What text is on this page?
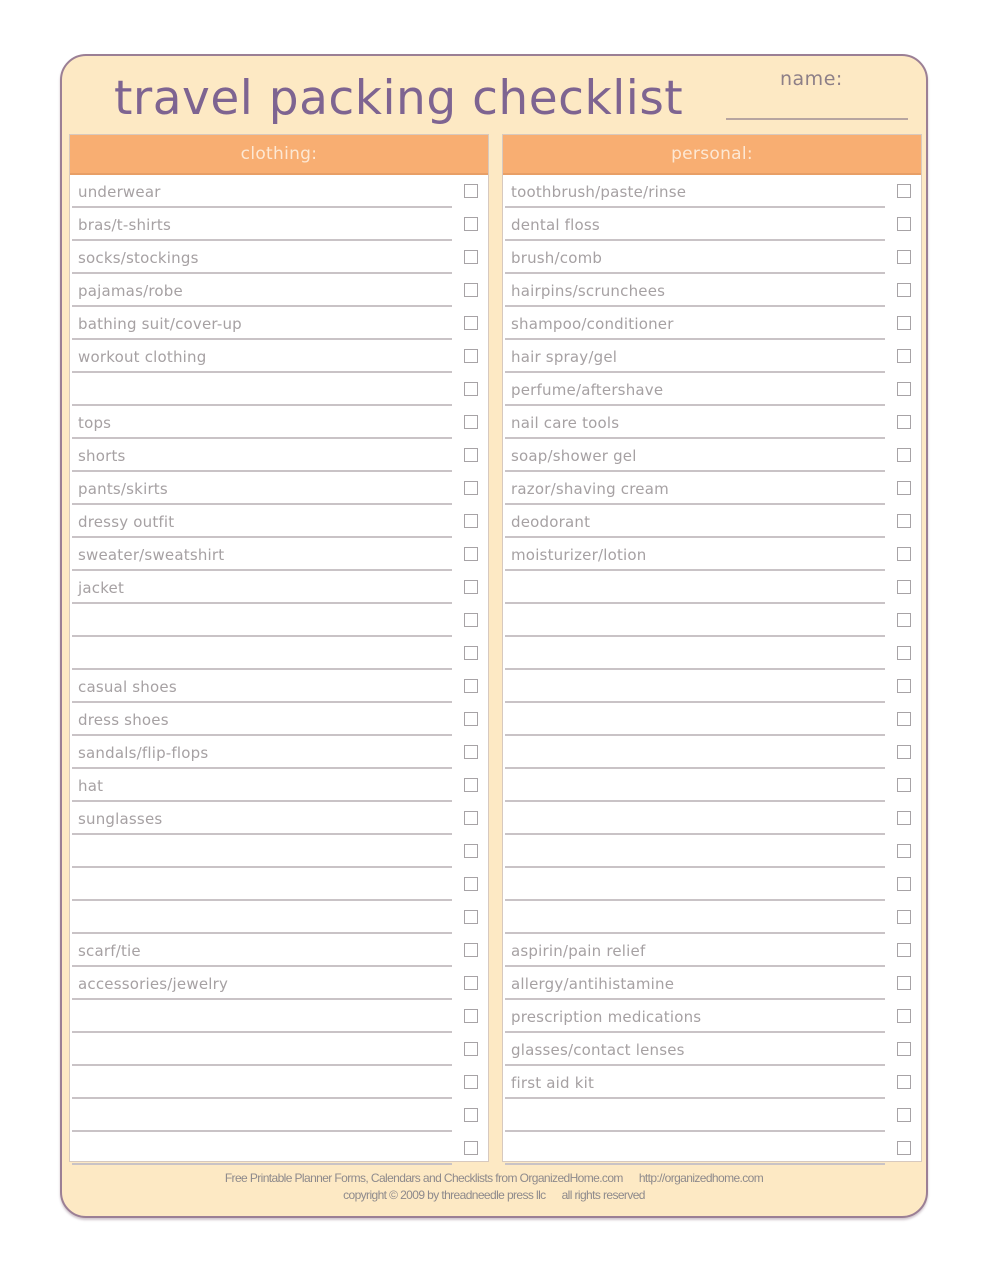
travel packing checklist	name:
clothing:
underwear
bras/t-shirts
socks/stockings
pajamas/robe
bathing suit/cover-up
workout clothing
tops
shorts
pants/skirts
dressy outfit
sweater/sweatshirt
jacket
casual shoes
dress shoes
sandals/flip-flops
hat
sunglasses
scarf/tie
accessories/jewelry
personal:
toothbrush/paste/rinse
dental floss
brush/comb
hairpins/scrunchees
shampoo/conditioner
hair spray/gel
perfume/aftershave
nail care tools
soap/shower gel
razor/shaving cream
deodorant
moisturizer/lotion
aspirin/pain relief
allergy/antihistamine
prescription medications
glasses/contact lenses
first aid kit
Free Printable Planner Forms, Calendars and Checklists from OrganizedHome.com http://organizedhome.com
copyright © 2009 by threadneedle press llc all rights reserved
